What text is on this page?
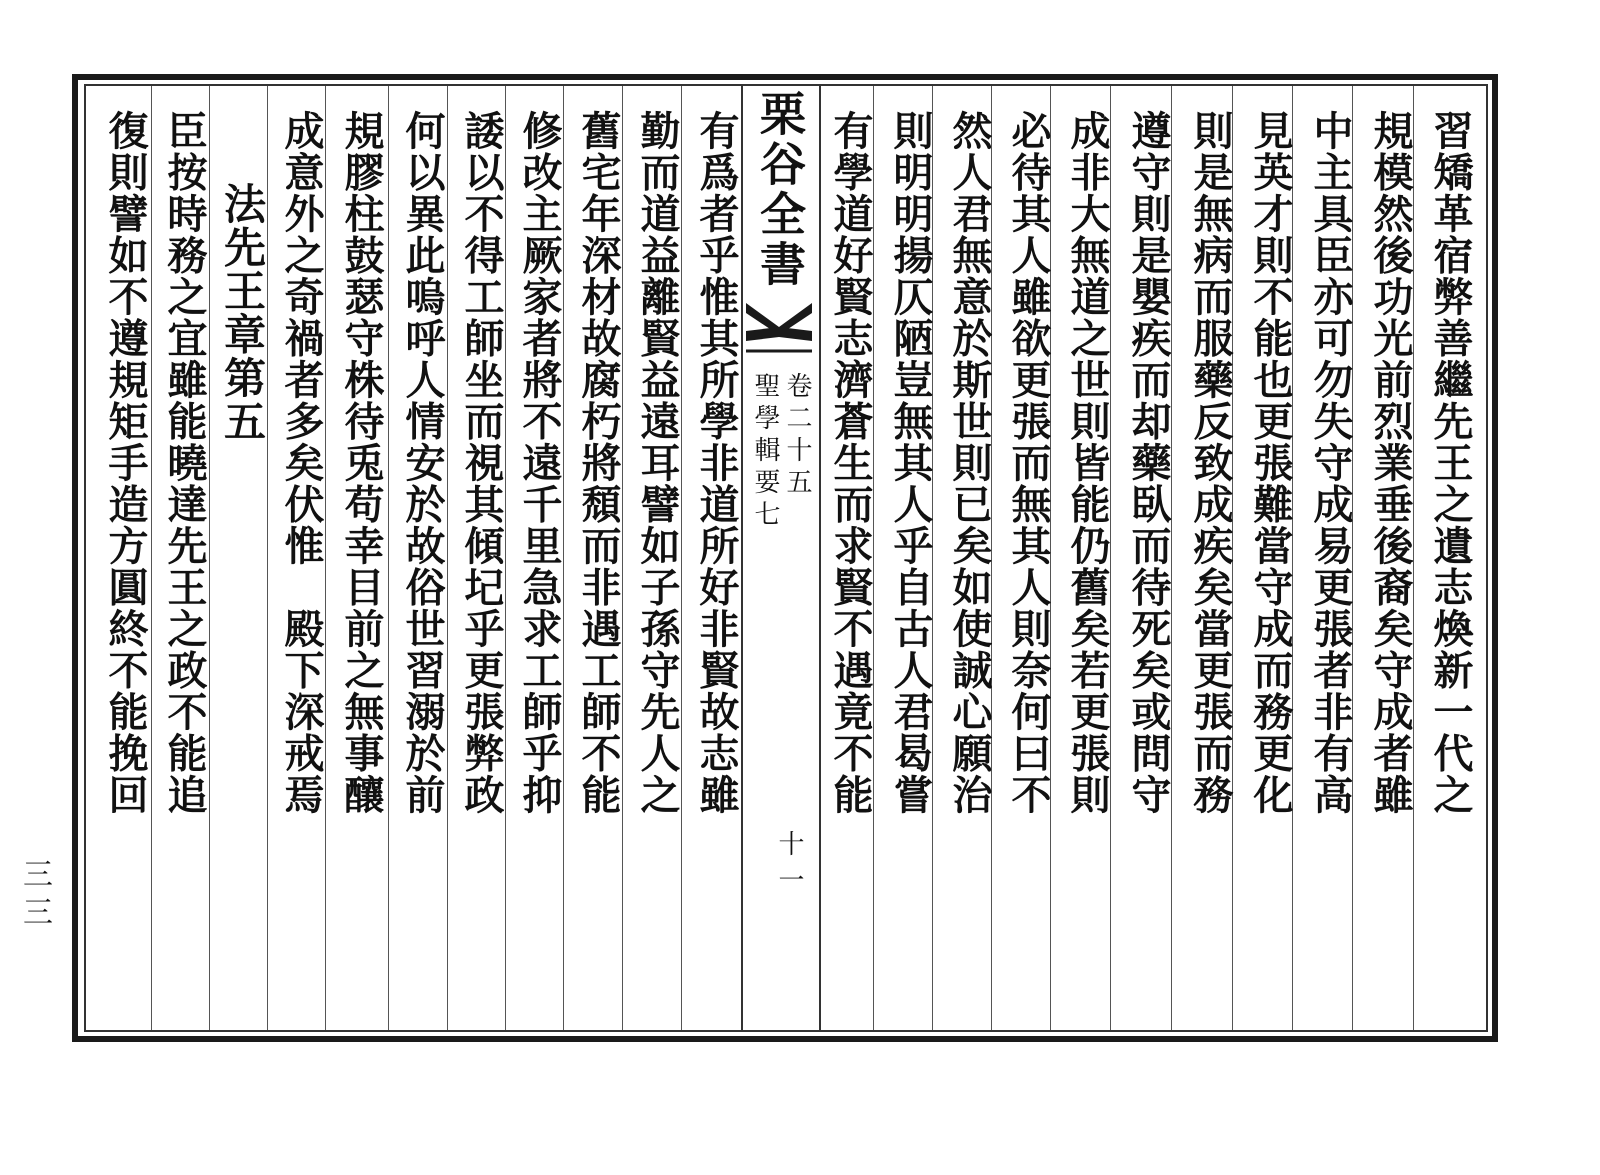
栗谷全書
卷二十五
聖學輯要七
十一
習矯革宿弊善繼先王之遺志煥新一代之
規模然後功光前烈業垂後裔矣守成者雖
中主具臣亦可勿失守成易更張者非有高
見英才則不能也更張難當守成而務更化
則是無病而服藥反致成疾矣當更張而務
遵守則是嬰疾而却藥臥而待死矣或問守
成非大無道之世則皆能仍舊矣若更張則
必待其人雖欲更張而無其人則奈何曰不
然人君無意於斯世則已矣如使誠心願治
則明明揚仄陋豈無其人乎自古人君曷嘗
有學道好賢志濟蒼生而求賢不遇竟不能
有爲者乎惟其所學非道所好非賢故志雖
勤而道益離賢益遠耳譬如子孫守先人之
舊宅年深材故腐朽將頹而非遇工師不能
修改主厥家者將不遠千里急求工師乎抑
諉以不得工師坐而視其傾圮乎更張弊政
何以異此嗚呼人情安於故俗世習溺於前
規膠柱鼓瑟守株待兎苟幸目前之無事釀
成意外之奇禍者多矣伏惟　殿下深戒焉
法先王章第五
臣按時務之宜雖能曉達先王之政不能追
復則譬如不遵規矩手造方圓終不能挽回
三三
